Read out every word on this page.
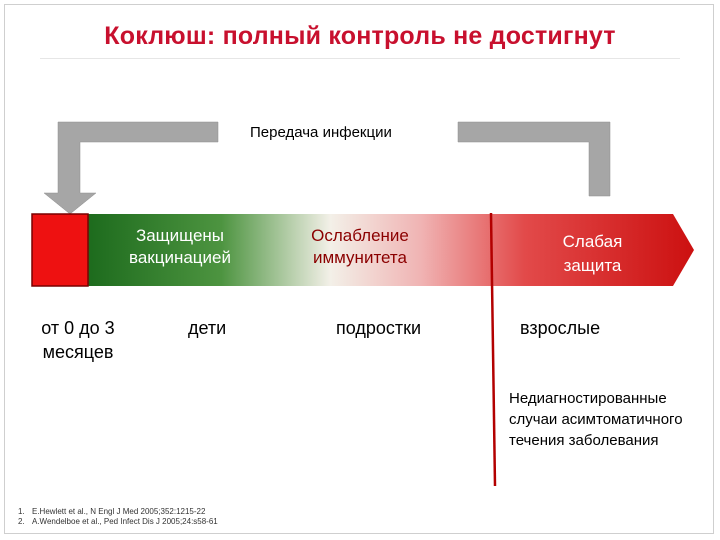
Коклюш: полный контроль не достигнут
Передача инфекции
Защищены вакцинацией
Ослабление иммунитета
Слабая защита
от 0 до 3 месяцев
дети	подростки	взрослые
Недиагностированные случаи асимтоматичного течения заболевания
1. E.Hewlett et al., N Engl J Med 2005;352:1215-22
2. A.Wendelboe et al., Ped Infect Dis J 2005;24:s58-61
